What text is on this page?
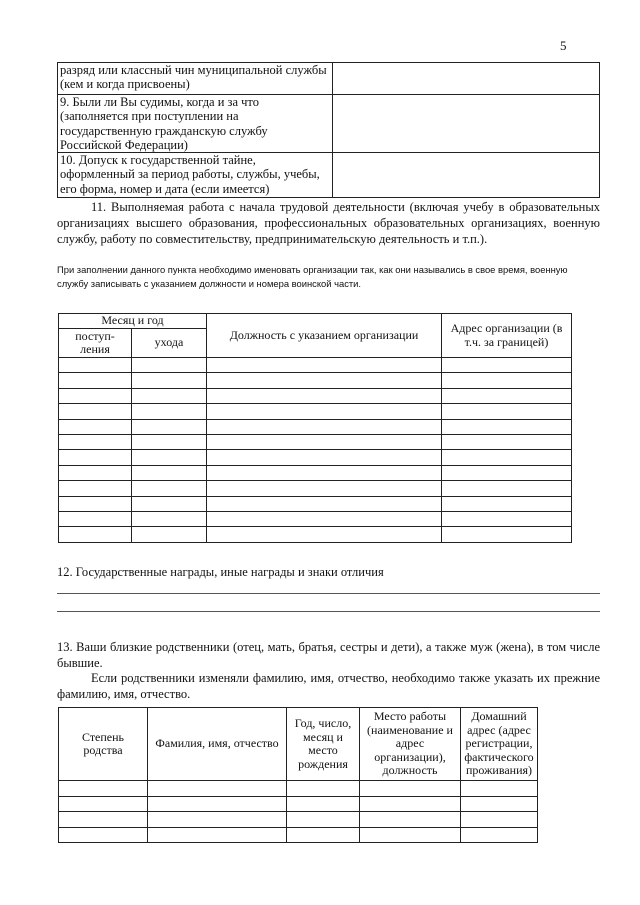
5
разряд или классный чин муниципальной службы (кем и когда присвоены)	
9. Были ли Вы судимы, когда и за что (заполняется при поступлении на государственную гражданскую службу Российской Федерации)	
10. Допуск к государственной тайне, оформленный за период работы, службы, учебы, его форма, номер и дата (если имеется)	
11. Выполняемая работа с начала трудовой деятельности (включая учебу в образовательных организациях высшего образования, профессиональных образовательных организациях, военную службу, работу по совместительству, предпринимательскую деятельность и т.п.).
При заполнении данного пункта необходимо именовать организации так, как они назывались в свое время, военную службу записывать с указанием должности и номера воинской части.
Месяц и год		Должность с указанием организации	Адрес организации (в т.ч. за границей)
поступ-ления	ухода		

12. Государственные награды, иные награды и знаки отличия
13. Ваши близкие родственники (отец, мать, братья, сестры и дети), а также муж (жена), в том числе бывшие.
Если родственники изменяли фамилию, имя, отчество, необходимо также указать их прежние фамилию, имя, отчество.
Степень родства	Фамилия, имя, отчество	Год, число, месяц и место рождения	Место работы (наименование и адрес организации), должность	Домашний адрес (адрес регистрации, фактического проживания)
